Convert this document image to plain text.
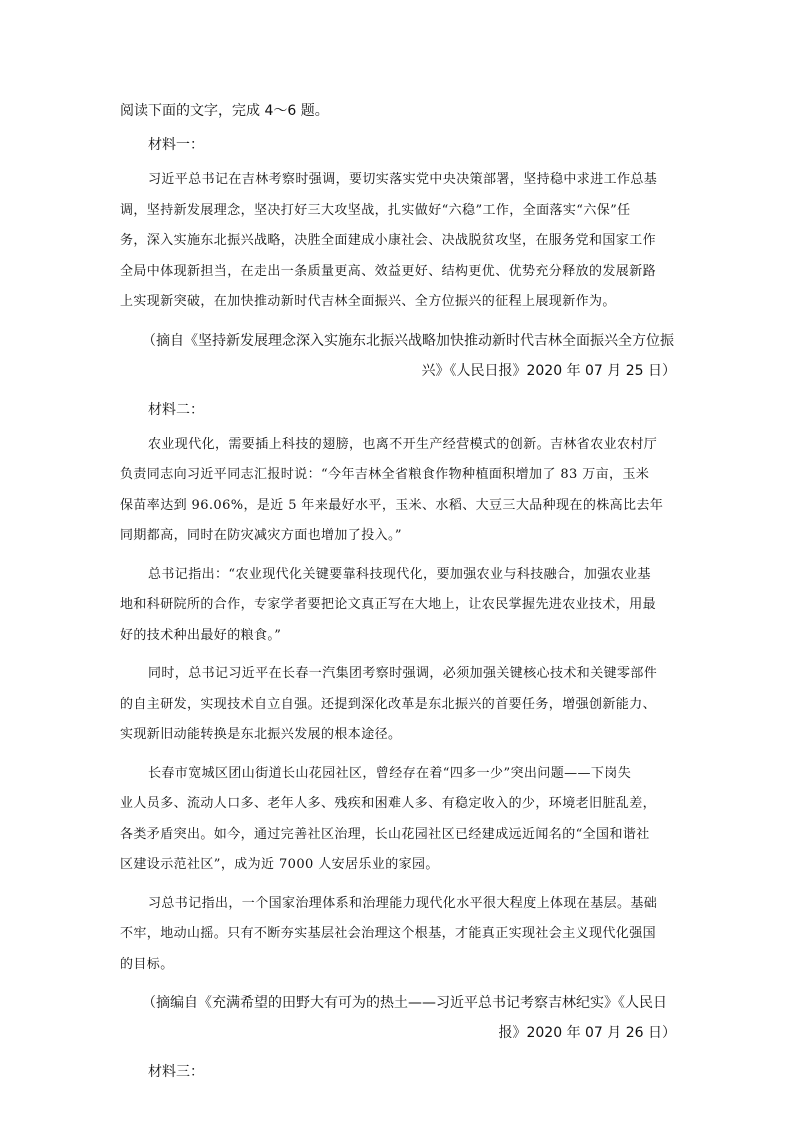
阅读下面的文字，完成 4～6 题。

材料一：

习近平总书记在吉林考察时强调，要切实落实党中央决策部署，坚持稳中求进工作总基
调，坚持新发展理念，坚决打好三大攻坚战，扎实做好“六稳”工作，全面落实“六保”任
务，深入实施东北振兴战略，决胜全面建成小康社会、决战脱贫攻坚，在服务党和国家工作
全局中体现新担当，在走出一条质量更高、效益更好、结构更优、优势充分释放的发展新路
上实现新突破，在加快推动新时代吉林全面振兴、全方位振兴的征程上展现新作为。
（摘自《坚持新发展理念深入实施东北振兴战略加快推动新时代吉林全面振兴全方位振
兴》《人民日报》2020 年 07 月 25 日）

材料二：

农业现代化，需要插上科技的翅膀，也离不开生产经营模式的创新。吉林省农业农村厅
负责同志向习近平同志汇报时说：“今年吉林全省粮食作物种植面积增加了 83 万亩，玉米
保苗率达到 96.06%，是近 5 年来最好水平，玉米、水稻、大豆三大品种现在的株高比去年
同期都高，同时在防灾减灾方面也增加了投入。”
总书记指出：“农业现代化关键要靠科技现代化，要加强农业与科技融合，加强农业基
地和科研院所的合作，专家学者要把论文真正写在大地上，让农民掌握先进农业技术，用最
好的技术种出最好的粮食。”
同时，总书记习近平在长春一汽集团考察时强调，必须加强关键核心技术和关键零部件
的自主研发，实现技术自立自强。还提到深化改革是东北振兴的首要任务，增强创新能力、
实现新旧动能转换是东北振兴发展的根本途径。
长春市宽城区团山街道长山花园社区，曾经存在着“四多一少”突出问题——下岗失
业人员多、流动人口多、老年人多、残疾和困难人多、有稳定收入的少，环境老旧脏乱差，
各类矛盾突出。如今，通过完善社区治理，长山花园社区已经建成远近闻名的“全国和谐社
区建设示范社区”，成为近 7000 人安居乐业的家园。
习总书记指出，一个国家治理体系和治理能力现代化水平很大程度上体现在基层。基础
不牢，地动山摇。只有不断夯实基层社会治理这个根基，才能真正实现社会主义现代化强国
的目标。
（摘编自《充满希望的田野大有可为的热土——习近平总书记考察吉林纪实》《人民日
报》2020 年 07 月 26 日）

材料三：
